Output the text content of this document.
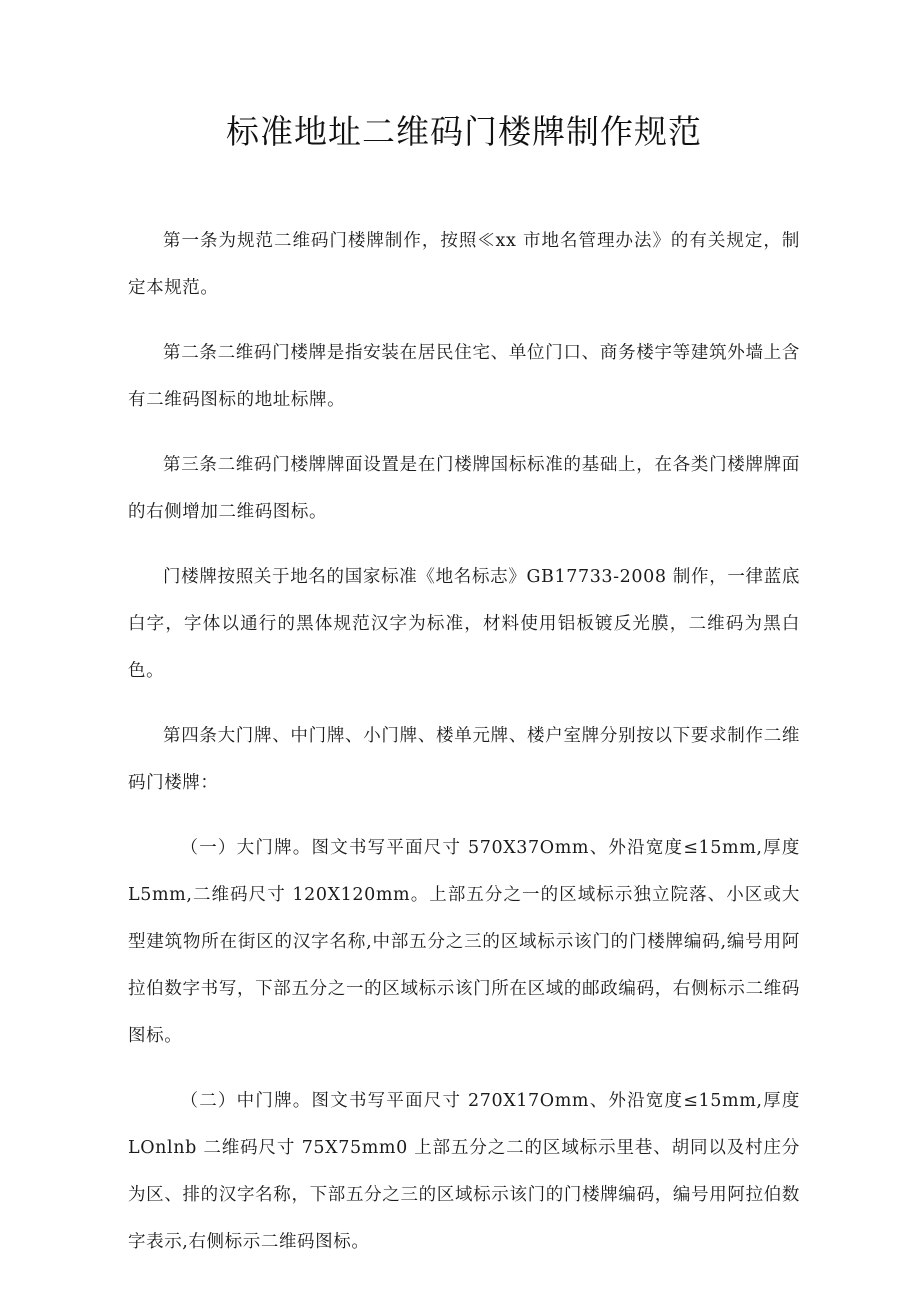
标准地址二维码门楼牌制作规范

第一条为规范二维码门楼牌制作，按照≪xx 市地名管理办法》的有关规定，制定本规范。

第二条二维码门楼牌是指安装在居民住宅、单位门口、商务楼宇等建筑外墙上含有二维码图标的地址标牌。

第三条二维码门楼牌牌面设置是在门楼牌国标标准的基础上，在各类门楼牌牌面的右侧增加二维码图标。

门楼牌按照关于地名的国家标准《地名标志》GB17733-2008 制作，一律蓝底白字，字体以通行的黑体规范汉字为标准，材料使用铝板镀反光膜，二维码为黑白色。

第四条大门牌、中门牌、小门牌、楼单元牌、楼户室牌分别按以下要求制作二维码门楼牌：

（一）大门牌。图文书写平面尺寸 570X37Omm、外沿宽度≤15mm,厚度 L5mm,二维码尺寸 120X120mm。上部五分之一的区域标示独立院落、小区或大型建筑物所在街区的汉字名称,中部五分之三的区域标示该门的门楼牌编码,编号用阿拉伯数字书写，下部五分之一的区域标示该门所在区域的邮政编码，右侧标示二维码图标。

（二）中门牌。图文书写平面尺寸 270X17Omm、外沿宽度≤15mm,厚度 LOnlnb 二维码尺寸 75X75mm0 上部五分之二的区域标示里巷、胡同以及村庄分为区、排的汉字名称，下部五分之三的区域标示该门的门楼牌编码，编号用阿拉伯数字表示,右侧标示二维码图标。
